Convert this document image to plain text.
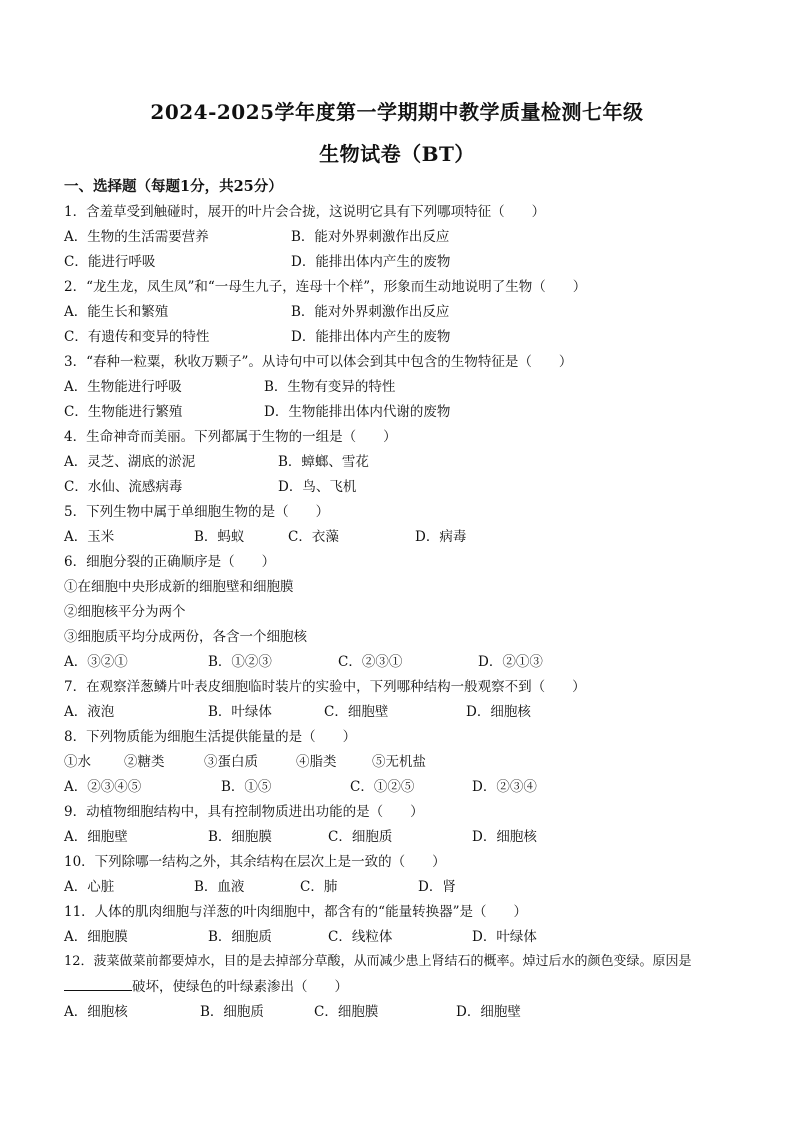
2024-2025学年度第一学期期中教学质量检测七年级
生物试卷（BT）
一、选择题（每题1分，共25分）
1．含羞草受到触碰时，展开的叶片会合拢，这说明它具有下列哪项特征（　　）
A．生物的生活需要营养	B．能对外界刺激作出反应
C．能进行呼吸	D．能排出体内产生的废物
2．“龙生龙，凤生凤”和“一母生九子，连母十个样”，形象而生动地说明了生物（　　）
A．能生长和繁殖	B．能对外界刺激作出反应
C．有遗传和变异的特性	D．能排出体内产生的废物
3．“春种一粒粟，秋收万颗子”。从诗句中可以体会到其中包含的生物特征是（　　）
A．生物能进行呼吸	B．生物有变异的特性
C．生物能进行繁殖	D．生物能排出体内代谢的废物
4．生命神奇而美丽。下列都属于生物的一组是（　　）
A．灵芝、湖底的淤泥	B．蟑螂、雪花
C．水仙、流感病毒	D．鸟、飞机
5．下列生物中属于单细胞生物的是（　　）
A．玉米	B．蚂蚁	C．衣藻	D．病毒
6．细胞分裂的正确顺序是（　　）
①在细胞中央形成新的细胞壁和细胞膜
②细胞核平分为两个
③细胞质平均分成两份，各含一个细胞核
A．③②①	B．①②③	C．②③①	D．②①③
7．在观察洋葱鳞片叶表皮细胞临时装片的实验中，下列哪种结构一般观察不到（　　）
A．液泡	B．叶绿体	C．细胞壁	D．细胞核
8．下列物质能为细胞生活提供能量的是（　　）
①水 ②糖类	③蛋白质	④脂类	⑤无机盐
A．②③④⑤	B．①⑤	C．①②⑤	D．②③④
9．动植物细胞结构中，具有控制物质进出功能的是（　　）
A．细胞壁	B．细胞膜	C．细胞质	D．细胞核
10．下列除哪一结构之外，其余结构在层次上是一致的（　　）
A．心脏	B．血液	C．肺	D．肾
11．人体的肌肉细胞与洋葱的叶肉细胞中，都含有的“能量转换器”是（　　）
A．细胞膜	B．细胞质	C．线粒体	D．叶绿体
12．菠菜做菜前都要焯水，目的是去掉部分草酸，从而减少患上肾结石的概率。焯过后水的颜色变绿。原因是
破坏，使绿色的叶绿素渗出（　　）
A．细胞核	B．细胞质	C．细胞膜	D．细胞壁
